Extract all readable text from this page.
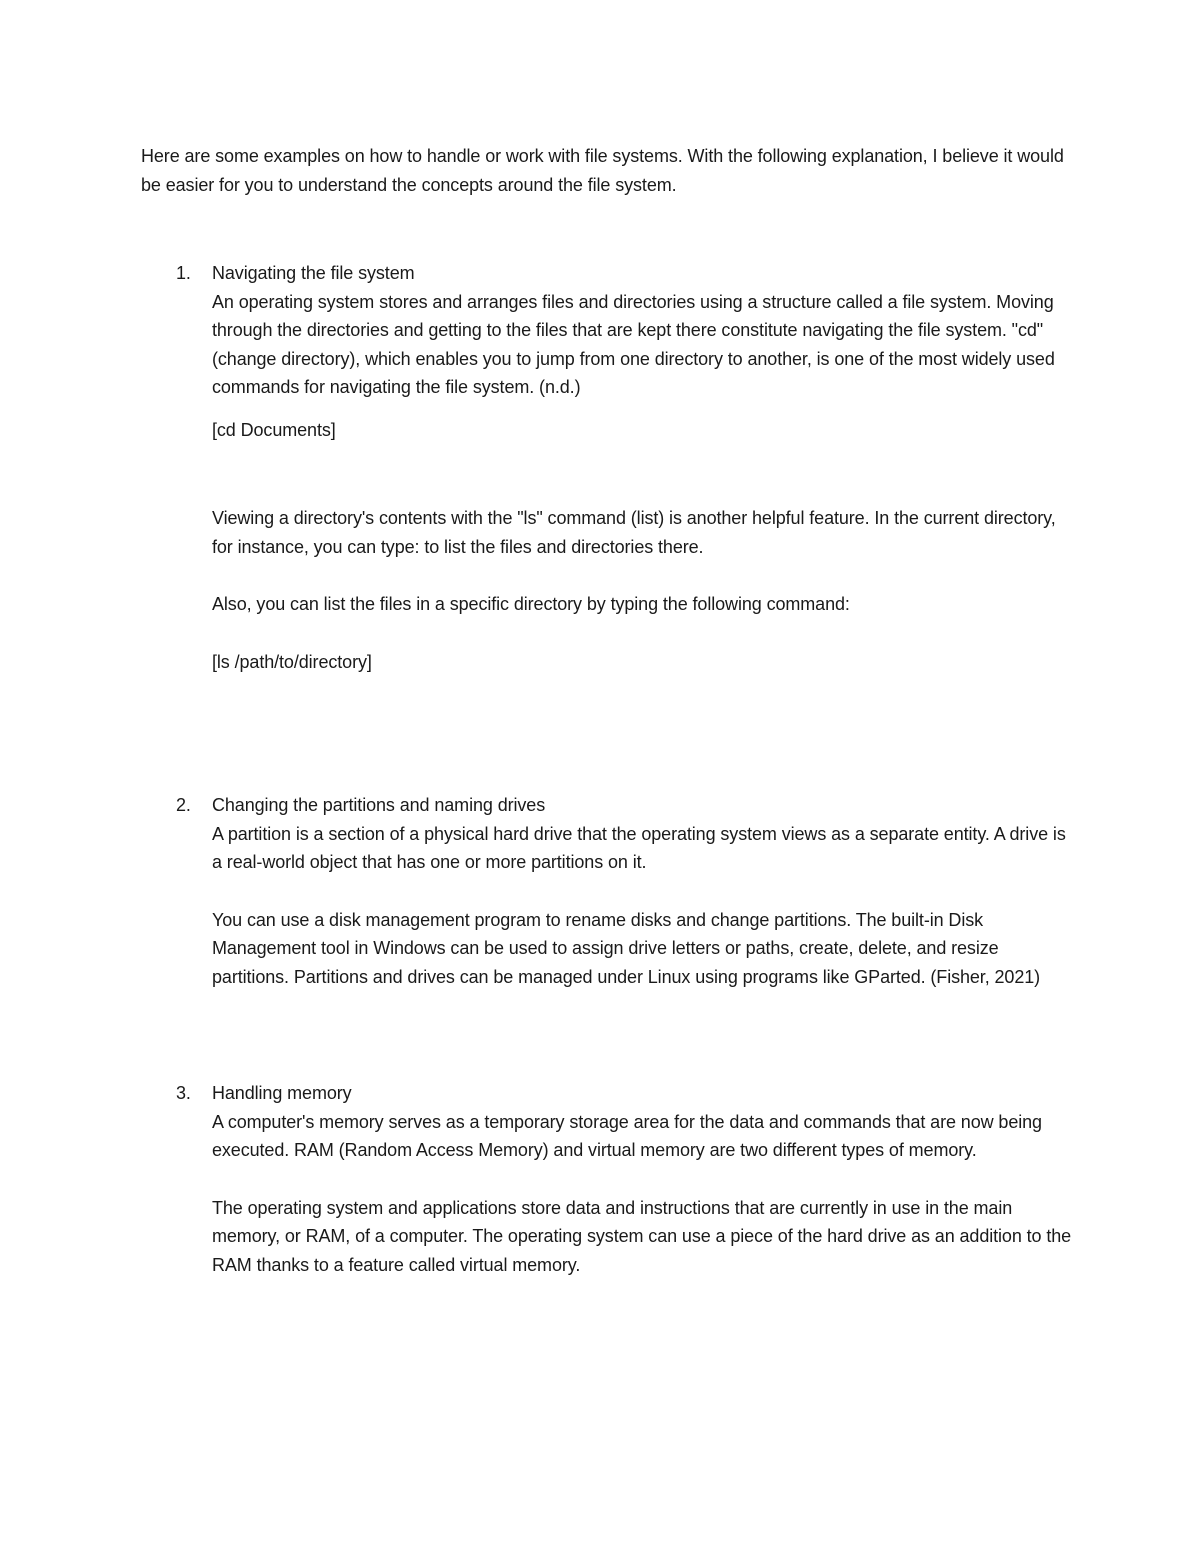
Here are some examples on how to handle or work with file systems. With the following explanation, I believe it would be easier for you to understand the concepts around the file system.

1. Navigating the file system

An operating system stores and arranges files and directories using a structure called a file system. Moving through the directories and getting to the files that are kept there constitute navigating the file system. "cd" (change directory), which enables you to jump from one directory to another, is one of the most widely used commands for navigating the file system. (n.d.)

[cd Documents]

Viewing a directory's contents with the "ls" command (list) is another helpful feature. In the current directory, for instance, you can type: to list the files and directories there.

Also, you can list the files in a specific directory by typing the following command:

[ls /path/to/directory]

2. Changing the partitions and naming drives

A partition is a section of a physical hard drive that the operating system views as a separate entity. A drive is a real-world object that has one or more partitions on it.

You can use a disk management program to rename disks and change partitions. The built-in Disk Management tool in Windows can be used to assign drive letters or paths, create, delete, and resize partitions. Partitions and drives can be managed under Linux using programs like GParted. (Fisher, 2021)

3. Handling memory

A computer's memory serves as a temporary storage area for the data and commands that are now being executed. RAM (Random Access Memory) and virtual memory are two different types of memory.

The operating system and applications store data and instructions that are currently in use in the main memory, or RAM, of a computer. The operating system can use a piece of the hard drive as an addition to the RAM thanks to a feature called virtual memory.
